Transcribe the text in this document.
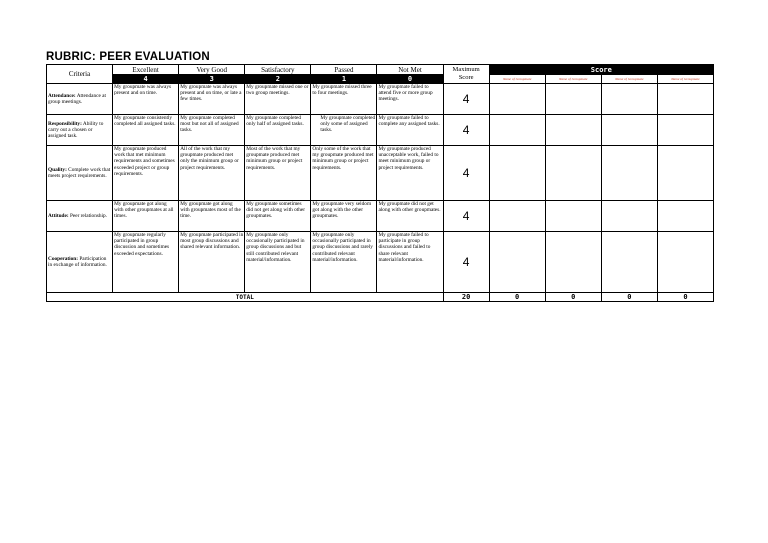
RUBRIC: PEER EVALUATION
Criteria	Excellent	Very Good	Satisfactory	Passed	Not Met	Maximum Score	Score			
	4	3	2	1	0		Name of Groupmate	Name of Groupmate	Name of Groupmate	Name of Groupmate

Attendance: Attendance at group meetings.	My groupmate was always present and on time.	My groupmate was always present and on time, or late a few times.	My groupmate missed one or two group meetings.	My groupmate missed three to four meetings.	My groupmate failed to attend five or more group meetings.	4				
Responsibility: Ability to carry out a chosen or assigned task.	My groupmate consistently completed all assigned tasks.	My groupmate completed most but not all of assigned tasks.	My groupmate completed only half of assigned tasks.	My groupmate completed only some of assigned tasks.	My groupmate failed to complete any assigned tasks.	4				
Quality: Complete work that meets project requirements.	My groupmate produced work that met minimum requirements and sometimes exceeded project or group requirements.	All of the work that my groupmate produced met only the minimum group or project requirements.	Most of the work that my groupmate produced met minimum group or project requirements.	Only some of the work that my groupmate produced met minimum group or project requirements.	My groupmate produced unacceptable work, failed to meet minimum group or project requirements.	4				
Attitude: Peer relationship.	My groupmate got along with other groupmates at all times.	My groupmate got along with groupmates most of the time.	My groupmate sometimes did not get along with other groupmates.	My groupmate very seldom got along with the other groupmates.	My groupmate did not get along with other groupmates.	4				
Cooperation: Participation in exchange of information.	My groupmate regularly participated in group discussion and sometimes exceeded expectations.	My groupmate participated in most group discussions and shared relevant information.	My groupmate only occasionally participated in group discussions and but still contributed relevant material/information.	My groupmate only occasionally participated in group discussions and rarely contributed relevant material/information.	My groupmate failed to participate in group discussions and failed to share relevant material/information.	4				
TOTAL						20	0	0	0	0
